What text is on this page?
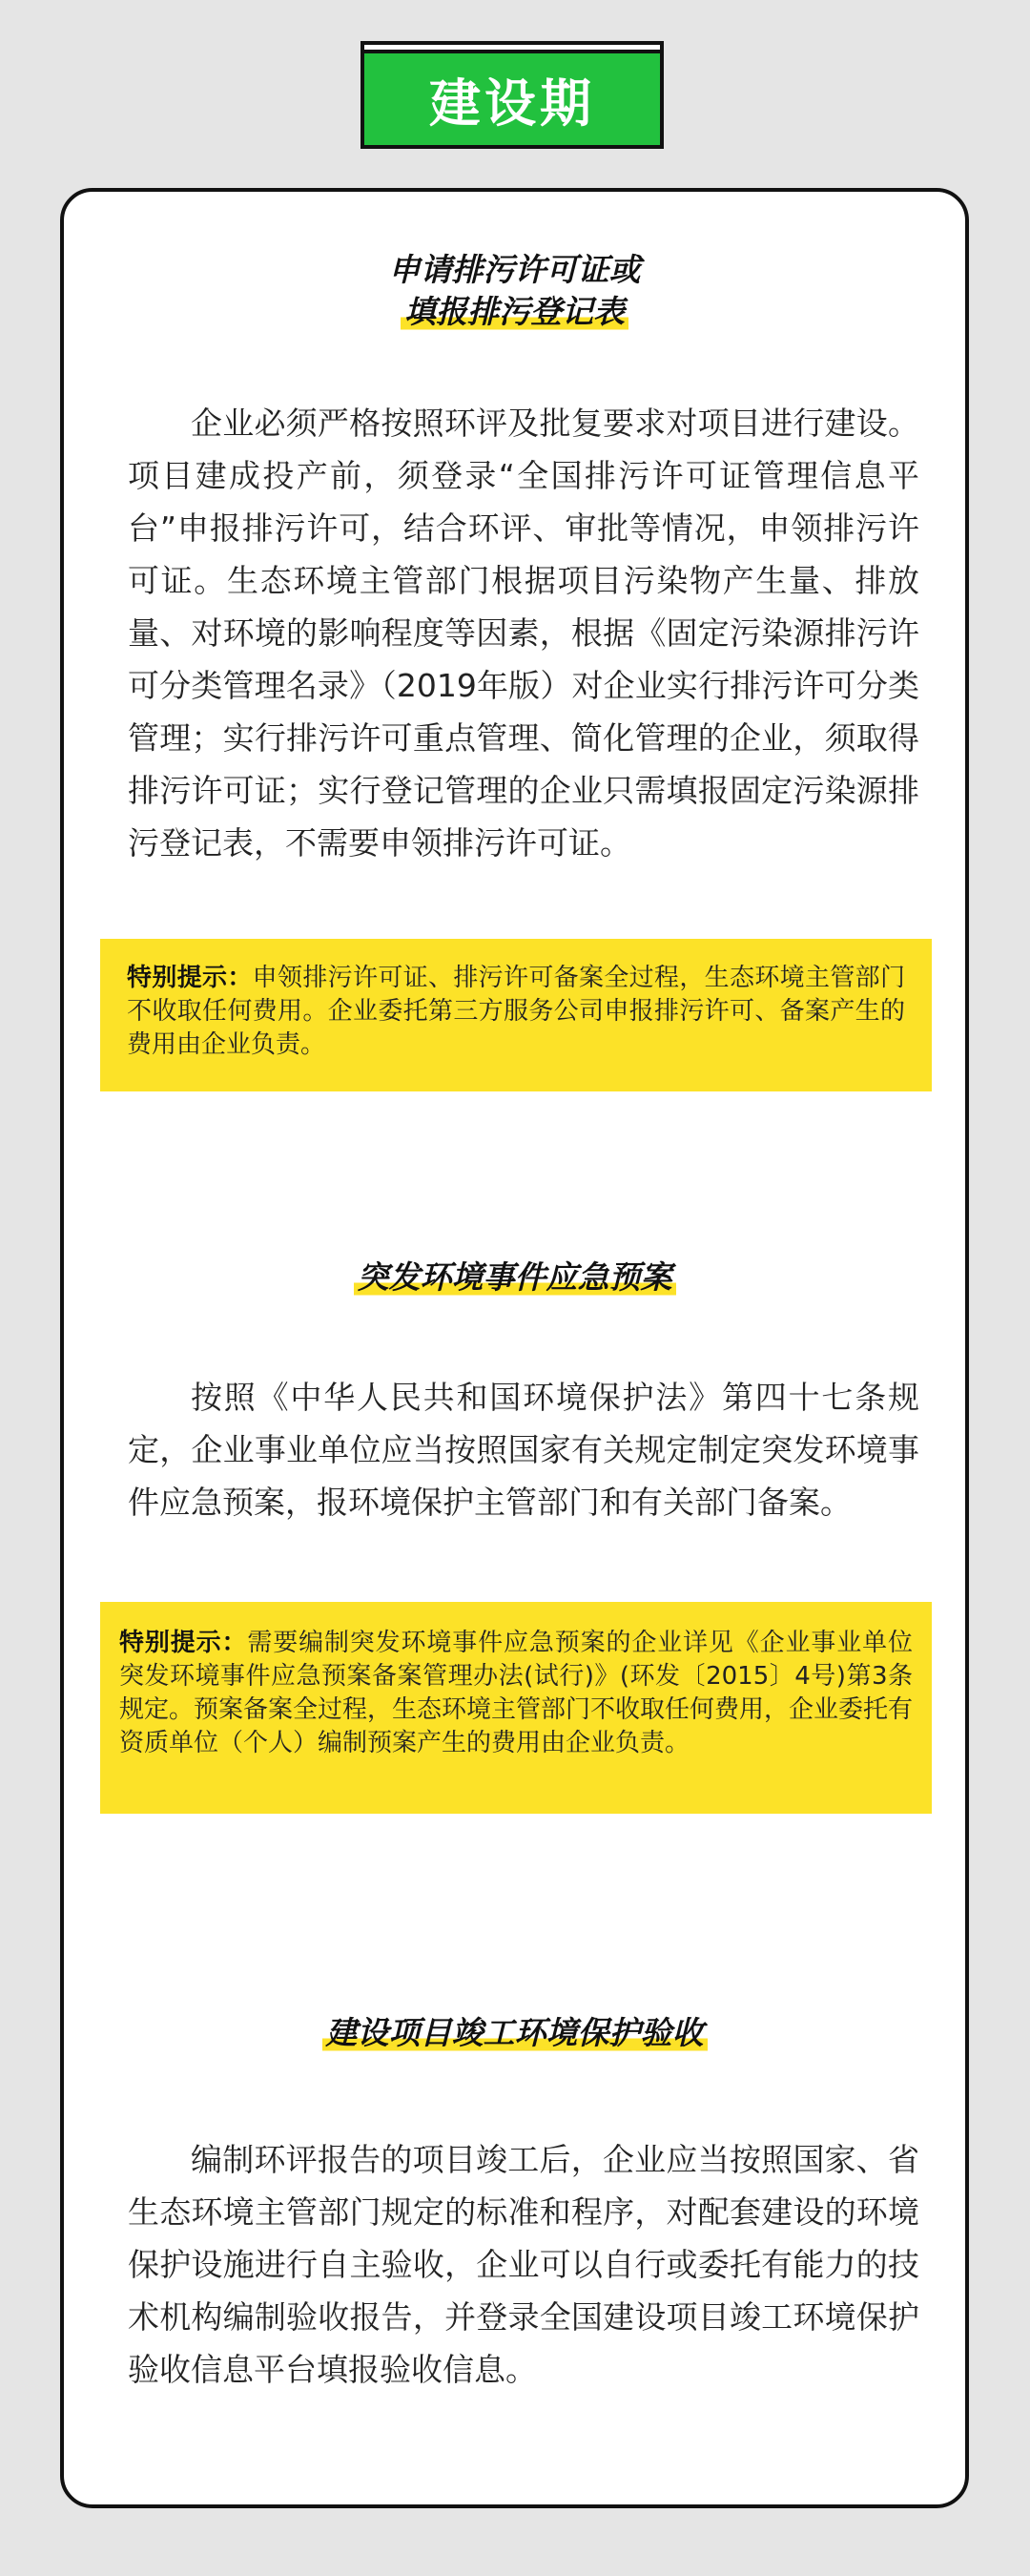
建设期
申请排污许可证或
填报排污登记表

企业必须严格按照环评及批复要求对项目进行建设。项目建成投产前，须登录“全国排污许可证管理信息平台”申报排污许可，结合环评、审批等情况，申领排污许可证。生态环境主管部门根据项目污染物产生量、排放量、对环境的影响程度等因素，根据《固定污染源排污许可分类管理名录》（2019年版）对企业实行排污许可分类管理；实行排污许可重点管理、简化管理的企业，须取得排污许可证；实行登记管理的企业只需填报固定污染源排污登记表，不需要申领排污许可证。

特别提示：申领排污许可证、排污许可备案全过程，生态环境主管部门不收取任何费用。企业委托第三方服务公司申报排污许可、备案产生的费用由企业负责。
突发环境事件应急预案

按照《中华人民共和国环境保护法》第四十七条规定，企业事业单位应当按照国家有关规定制定突发环境事件应急预案，报环境保护主管部门和有关部门备案。

特别提示：需要编制突发环境事件应急预案的企业详见《企业事业单位突发环境事件应急预案备案管理办法(试行)》(环发〔2015〕4号)第3条规定。预案备案全过程，生态环境主管部门不收取任何费用，企业委托有资质单位（个人）编制预案产生的费用由企业负责。
建设项目竣工环境保护验收

编制环评报告的项目竣工后，企业应当按照国家、省生态环境主管部门规定的标准和程序，对配套建设的环境保护设施进行自主验收，企业可以自行或委托有能力的技术机构编制验收报告，并登录全国建设项目竣工环境保护验收信息平台填报验收信息。
